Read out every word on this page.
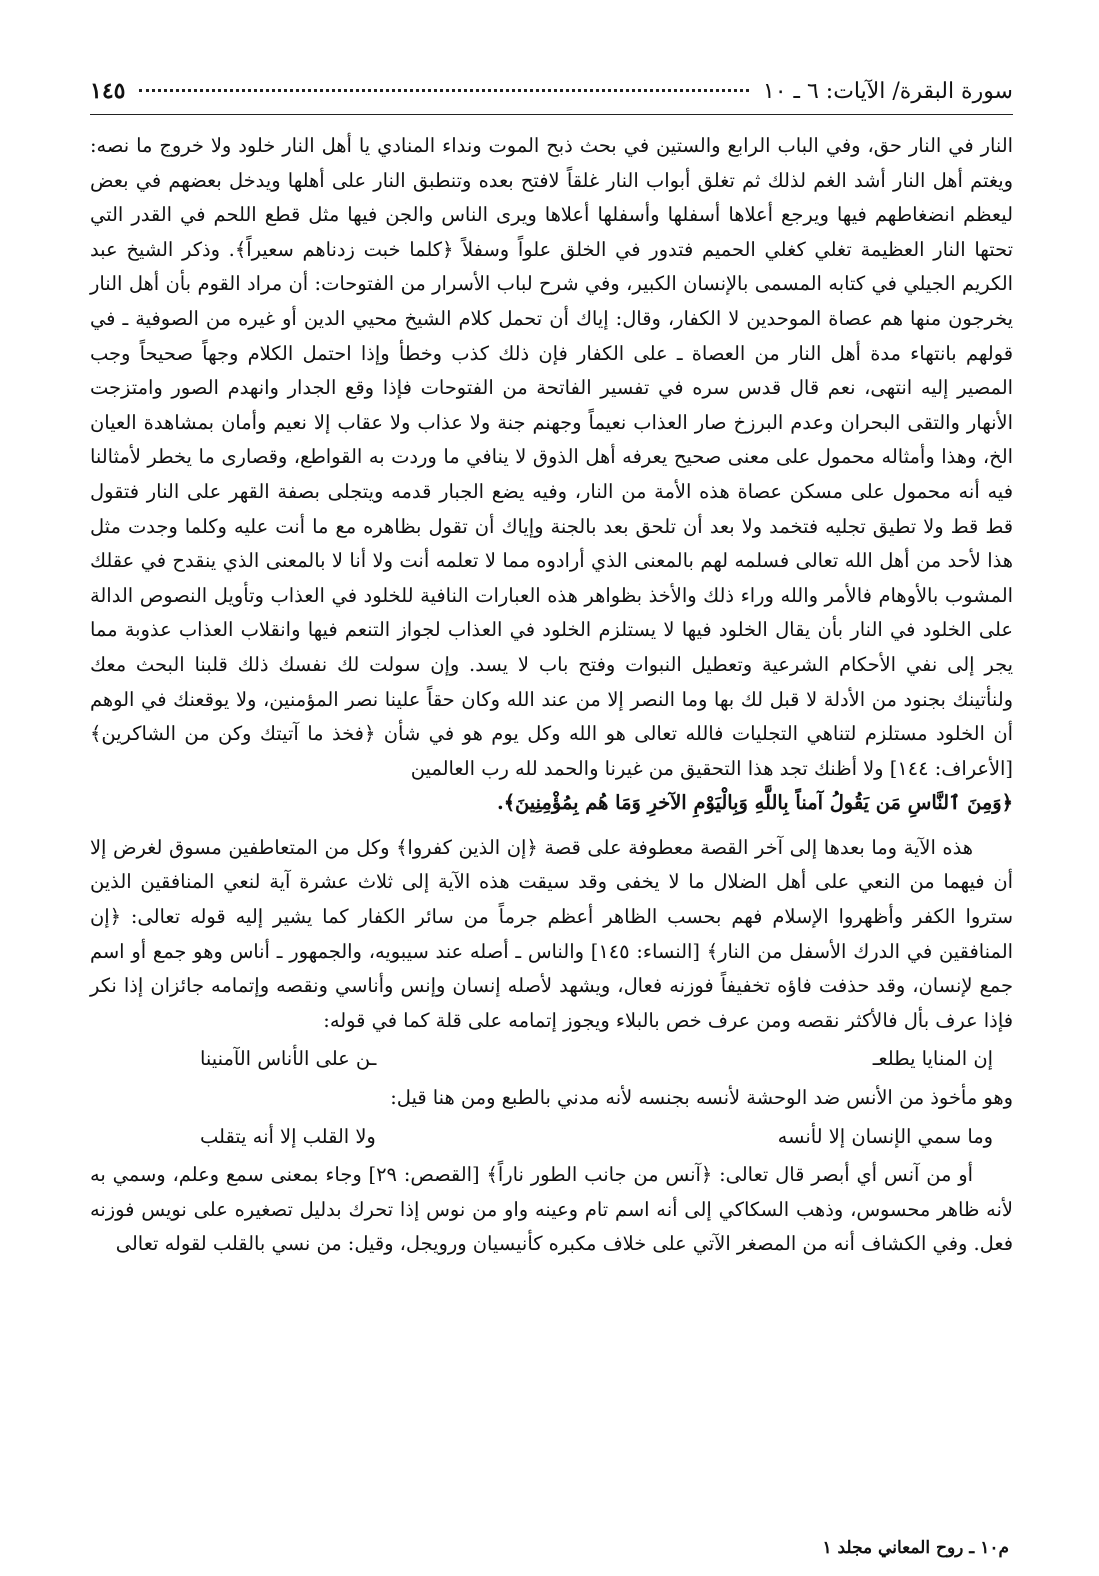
سورة البقرة/ الآيات: ٦ ـ ١٠
١٤٥

النار في النار حق، وفي الباب الرابع والستين في بحث ذبح الموت ونداء المنادي يا أهل النار خلود ولا خروج ما نصه: ويغتم أهل النار أشد الغم لذلك ثم تغلق أبواب النار غلقاً لافتح بعده وتنطبق النار على أهلها ويدخل بعضهم في بعض ليعظم انضغاطهم فيها ويرجع أعلاها أسفلها وأسفلها أعلاها ويرى الناس والجن فيها مثل قطع اللحم في القدر التي تحتها النار العظيمة تغلي كغلي الحميم فتدور في الخلق علواً وسفلاً ﴿كلما خبت زدناهم سعيراً﴾. وذكر الشيخ عبد الكريم الجيلي في كتابه المسمى بالإنسان الكبير، وفي شرح لباب الأسرار من الفتوحات: أن مراد القوم بأن أهل النار يخرجون منها هم عصاة الموحدين لا الكفار، وقال: إياك أن تحمل كلام الشيخ محيي الدين أو غيره من الصوفية ـ في قولهم بانتهاء مدة أهل النار من العصاة ـ على الكفار فإن ذلك كذب وخطأ وإذا احتمل الكلام وجهاً صحيحاً وجب المصير إليه انتهى، نعم قال قدس سره في تفسير الفاتحة من الفتوحات فإذا وقع الجدار وانهدم الصور وامتزجت الأنهار والتقى البحران وعدم البرزخ صار العذاب نعيماً وجهنم جنة ولا عذاب ولا عقاب إلا نعيم وأمان بمشاهدة العيان الخ، وهذا وأمثاله محمول على معنى صحيح يعرفه أهل الذوق لا ينافي ما وردت به القواطع، وقصارى ما يخطر لأمثالنا فيه أنه محمول على مسكن عصاة هذه الأمة من النار، وفيه يضع الجبار قدمه ويتجلى بصفة القهر على النار فتقول قط قط ولا تطيق تجليه فتخمد ولا بعد أن تلحق بعد بالجنة وإياك أن تقول بظاهره مع ما أنت عليه وكلما وجدت مثل هذا لأحد من أهل الله تعالى فسلمه لهم بالمعنى الذي أرادوه مما لا تعلمه أنت ولا أنا لا بالمعنى الذي ينقدح في عقلك المشوب بالأوهام فالأمر والله وراء ذلك والأخذ بظواهر هذه العبارات النافية للخلود في العذاب وتأويل النصوص الدالة على الخلود في النار بأن يقال الخلود فيها لا يستلزم الخلود في العذاب لجواز التنعم فيها وانقلاب العذاب عذوبة مما يجر إلى نفي الأحكام الشرعية وتعطيل النبوات وفتح باب لا يسد. وإن سولت لك نفسك ذلك قلبنا البحث معك ولنأتينك بجنود من الأدلة لا قبل لك بها وما النصر إلا من عند الله وكان حقاً علينا نصر المؤمنين، ولا يوقعنك في الوهم أن الخلود مستلزم لتناهي التجليات فالله تعالى هو الله وكل يوم هو في شأن ﴿فخذ ما آتيتك وكن من الشاكرين﴾ [الأعراف: ١٤٤] ولا أظنك تجد هذا التحقيق من غيرنا والحمد لله رب العالمين

﴿وَمِنَ ٱلنَّاسِ مَن يَقُولُ آمناً بِاللَّهِ وَبِالْيَوْمِ الآخرِ وَمَا هُم بِمُؤْمِنِينَ﴾.

هذه الآية وما بعدها إلى آخر القصة معطوفة على قصة ﴿إن الذين كفروا﴾ وكل من المتعاطفين مسوق لغرض إلا أن فيهما من النعي على أهل الضلال ما لا يخفى وقد سيقت هذه الآية إلى ثلاث عشرة آية لنعي المنافقين الذين ستروا الكفر وأظهروا الإسلام فهم بحسب الظاهر أعظم جرماً من سائر الكفار كما يشير إليه قوله تعالى: ﴿إن المنافقين في الدرك الأسفل من النار﴾ [النساء: ١٤٥] والناس ـ أصله عند سيبويه، والجمهور ـ أناس وهو جمع أو اسم جمع لإنسان، وقد حذفت فاؤه تخفيفاً فوزنه فعال، ويشهد لأصله إنسان وإنس وأناسي ونقصه وإتمامه جائزان إذا نكر فإذا عرف بأل فالأكثر نقصه ومن عرف خص بالبلاء ويجوز إتمامه على قلة كما في قوله:

إن المنايا يطلعـ
ـن على الأناس الآمنينا

وهو مأخوذ من الأنس ضد الوحشة لأنسه بجنسه لأنه مدني بالطبع ومن هنا قيل:

وما سمي الإنسان إلا لأنسه
ولا القلب إلا أنه يتقلب

أو من آنس أي أبصر قال تعالى: ﴿آنس من جانب الطور ناراً﴾ [القصص: ٢٩] وجاء بمعنى سمع وعلم، وسمي به لأنه ظاهر محسوس، وذهب السكاكي إلى أنه اسم تام وعينه واو من نوس إذا تحرك بدليل تصغيره على نويس فوزنه فعل. وفي الكشاف أنه من المصغر الآتي على خلاف مكبره كأنيسيان ورويجل، وقيل: من نسي بالقلب لقوله تعالى

م١٠ ـ روح المعاني مجلد ١
